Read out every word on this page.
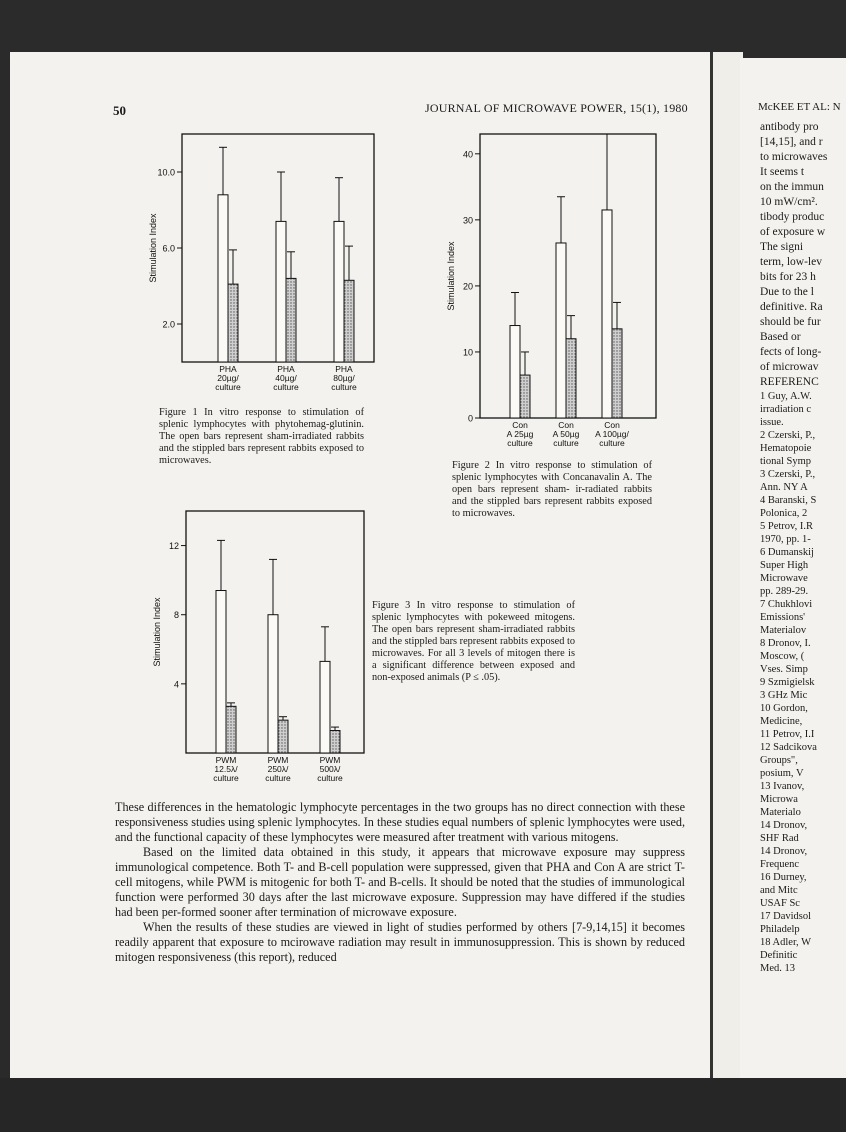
50	JOURNAL OF MICROWAVE POWER, 15(1), 1980	McKEE ET AL: N
2.0
6.0
10.0
Stimulation Index
PHA
20µg/
culture
PHA
40µg/
culture
PHA
80µg/
culture
Figure 1 In vitro response to stimulation of splenic lymphocytes with phytohemag-glutinin. The open bars represent sham-irradiated rabbits and the stippled bars represent rabbits exposed to microwaves.
0
10
20
30
40
Stimulation Index
Con
A 25µg
culture
Con
A 50µg
culture
Con
A 100µg/
culture
Figure 2 In vitro response to stimulation of splenic lymphocytes with Concanavalin A. The open bars represent sham- ir-radiated rabbits and the stippled bars represent rabbits exposed to microwaves.
4
8
12
Stimulation Index
PWM
12.5λ/
culture
PWM
250λ/
culture
PWM
500λ/
culture
Figure 3 In vitro response to stimulation of splenic lymphocytes with pokeweed mitogens. The open bars represent sham-irradiated rabbits and the stippled bars represent rabbits exposed to microwaves. For all 3 levels of mitogen there is a significant difference between exposed and non-exposed animals (P ≤ .05).

These differences in the hematologic lymphocyte percentages in the two groups has no direct connection with these responsiveness studies using splenic lymphocytes. In these studies equal numbers of splenic lymphocytes were used, and the functional capacity of these lymphocytes were measured after treatment with various mitogens.

Based on the limited data obtained in this study, it appears that microwave exposure may suppress immunological competence. Both T- and B-cell population were suppressed, given that PHA and Con A are strict T-cell mitogens, while PWM is mitogenic for both T- and B-cells. It should be noted that the studies of immunological function were performed 30 days after the last microwave exposure. Suppression may have differed if the studies had been per-formed sooner after termination of microwave exposure.

When the results of these studies are viewed in light of studies performed by others [7-9,14,15] it becomes readily apparent that exposure to mcirowave radiation may result in immunosuppression. This is shown by reduced mitogen responsiveness (this report), reduced

antibody pro
[14,15], and r
to microwaves
It seems t
on the immun
10 mW/cm².
tibody produc
of exposure w
The signi
term, low-lev
bits for 23 h
Due to the l
definitive. Ra
should be fur
Based or
fects of long-
of microwav
REFERENC
1 Guy, A.W.
irradiation c
issue.
2 Czerski, P.,
Hematopoie
tional Symp
3 Czerski, P.,
Ann. NY A
4 Baranski, S
Polonica, 2
5 Petrov, I.R
1970, pp. 1-
6 Dumanskij
Super High
Microwave
pp. 289-29.
7 Chukhlovi
Emissions'
Materialov
8 Dronov, I.
Moscow, (
Vses. Simp
9 Szmigielsk
3 GHz Mic
10 Gordon,
Medicine,
11 Petrov, I.I
12 Sadcikova
Groups",
posium, V
13 Ivanov,
Microwa
Materialo
14 Dronov,
SHF Rad
14 Dronov,
Frequenc
16 Durney,
and Mitc
USAF Sc
17 Davidsol
Philadelp
18 Adler, W
Definitic
Med. 13
